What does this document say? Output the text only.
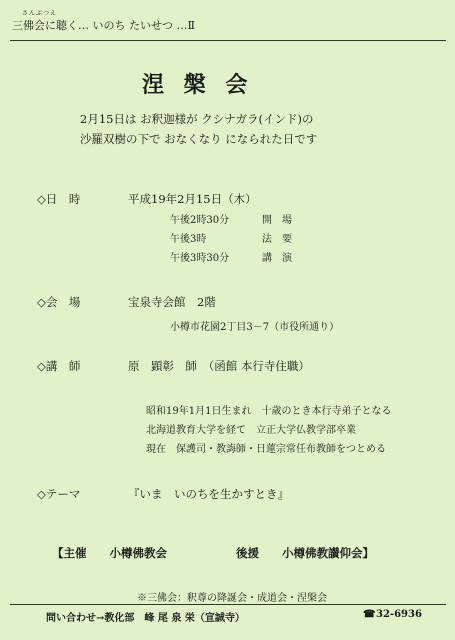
さんぶつえ
三佛会に聴く… いのち たいせつ …Ⅱ
涅 槃 会
2月15日は お釈迦様が クシナガラ(インド)の
沙羅双樹の下で おなくなり になられた日です
◇日　時	平成19年2月15日（木）
午後2時30分	開　場
午後3時	法　要
午後3時30分	講　演
◇会　場	宝泉寺会館　2階
小樽市花園2丁目3－7（市役所通り）
◇講　師	原　顕彰　師　（函館 本行寺住職）
昭和19年1月1日生まれ　十歳のとき本行寺弟子となる
北海道教育大学を経て　立正大学仏教学部卒業
現在　保護司・教誨師・日蓮宗常任布教師をつとめる
◇テーマ	『いま　いのちを生かすとき』
【主催　　小樽佛教会	後援　　小樽佛教讃仰会】
※三佛会：釈尊の降誕会・成道会・涅槃会
問い合わせ→教化部　峰 尾 泉 栄（宣誠寺）	☎ 32-6936
